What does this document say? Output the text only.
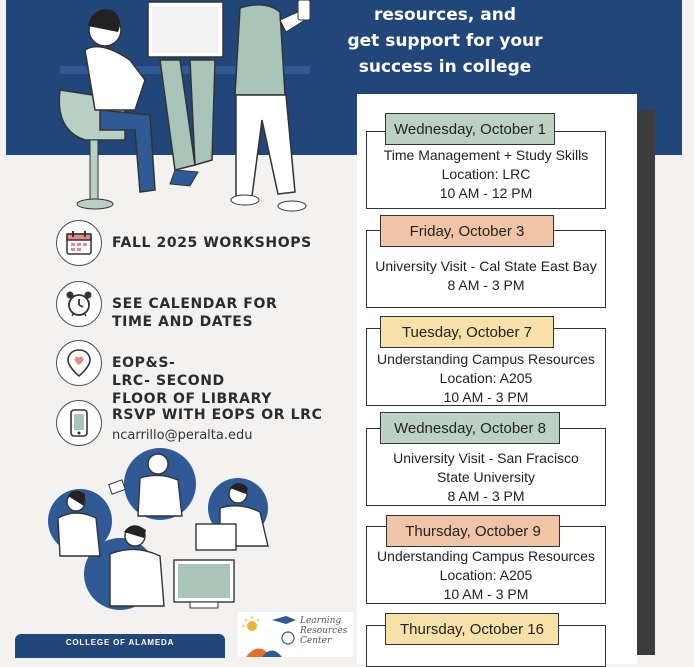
resources, and
get support for your
success in college
FALL 2025 WORKSHOPS
SEE CALENDAR FOR
TIME AND DATES
EOP&S-
LRC- SECOND
FLOOR OF LIBRARY
RSVP WITH EOPS OR LRC
ncarrillo@peralta.edu
COLLEGE OF ALAMEDA
Learning
Resources
Center
Time Management + Study Skills
Location: LRC
10 AM - 12 PM
Wednesday, October 1
University Visit - Cal State East Bay
8 AM - 3 PM
Friday, October 3
Understanding Campus Resources
Location: A205
10 AM - 3 PM
Tuesday, October 7
University Visit - San Fracisco
State University
8 AM - 3 PM
Wednesday, October 8
Understanding Campus Resources
Location: A205
10 AM - 3 PM
Thursday, October 9
Thursday, October 16
